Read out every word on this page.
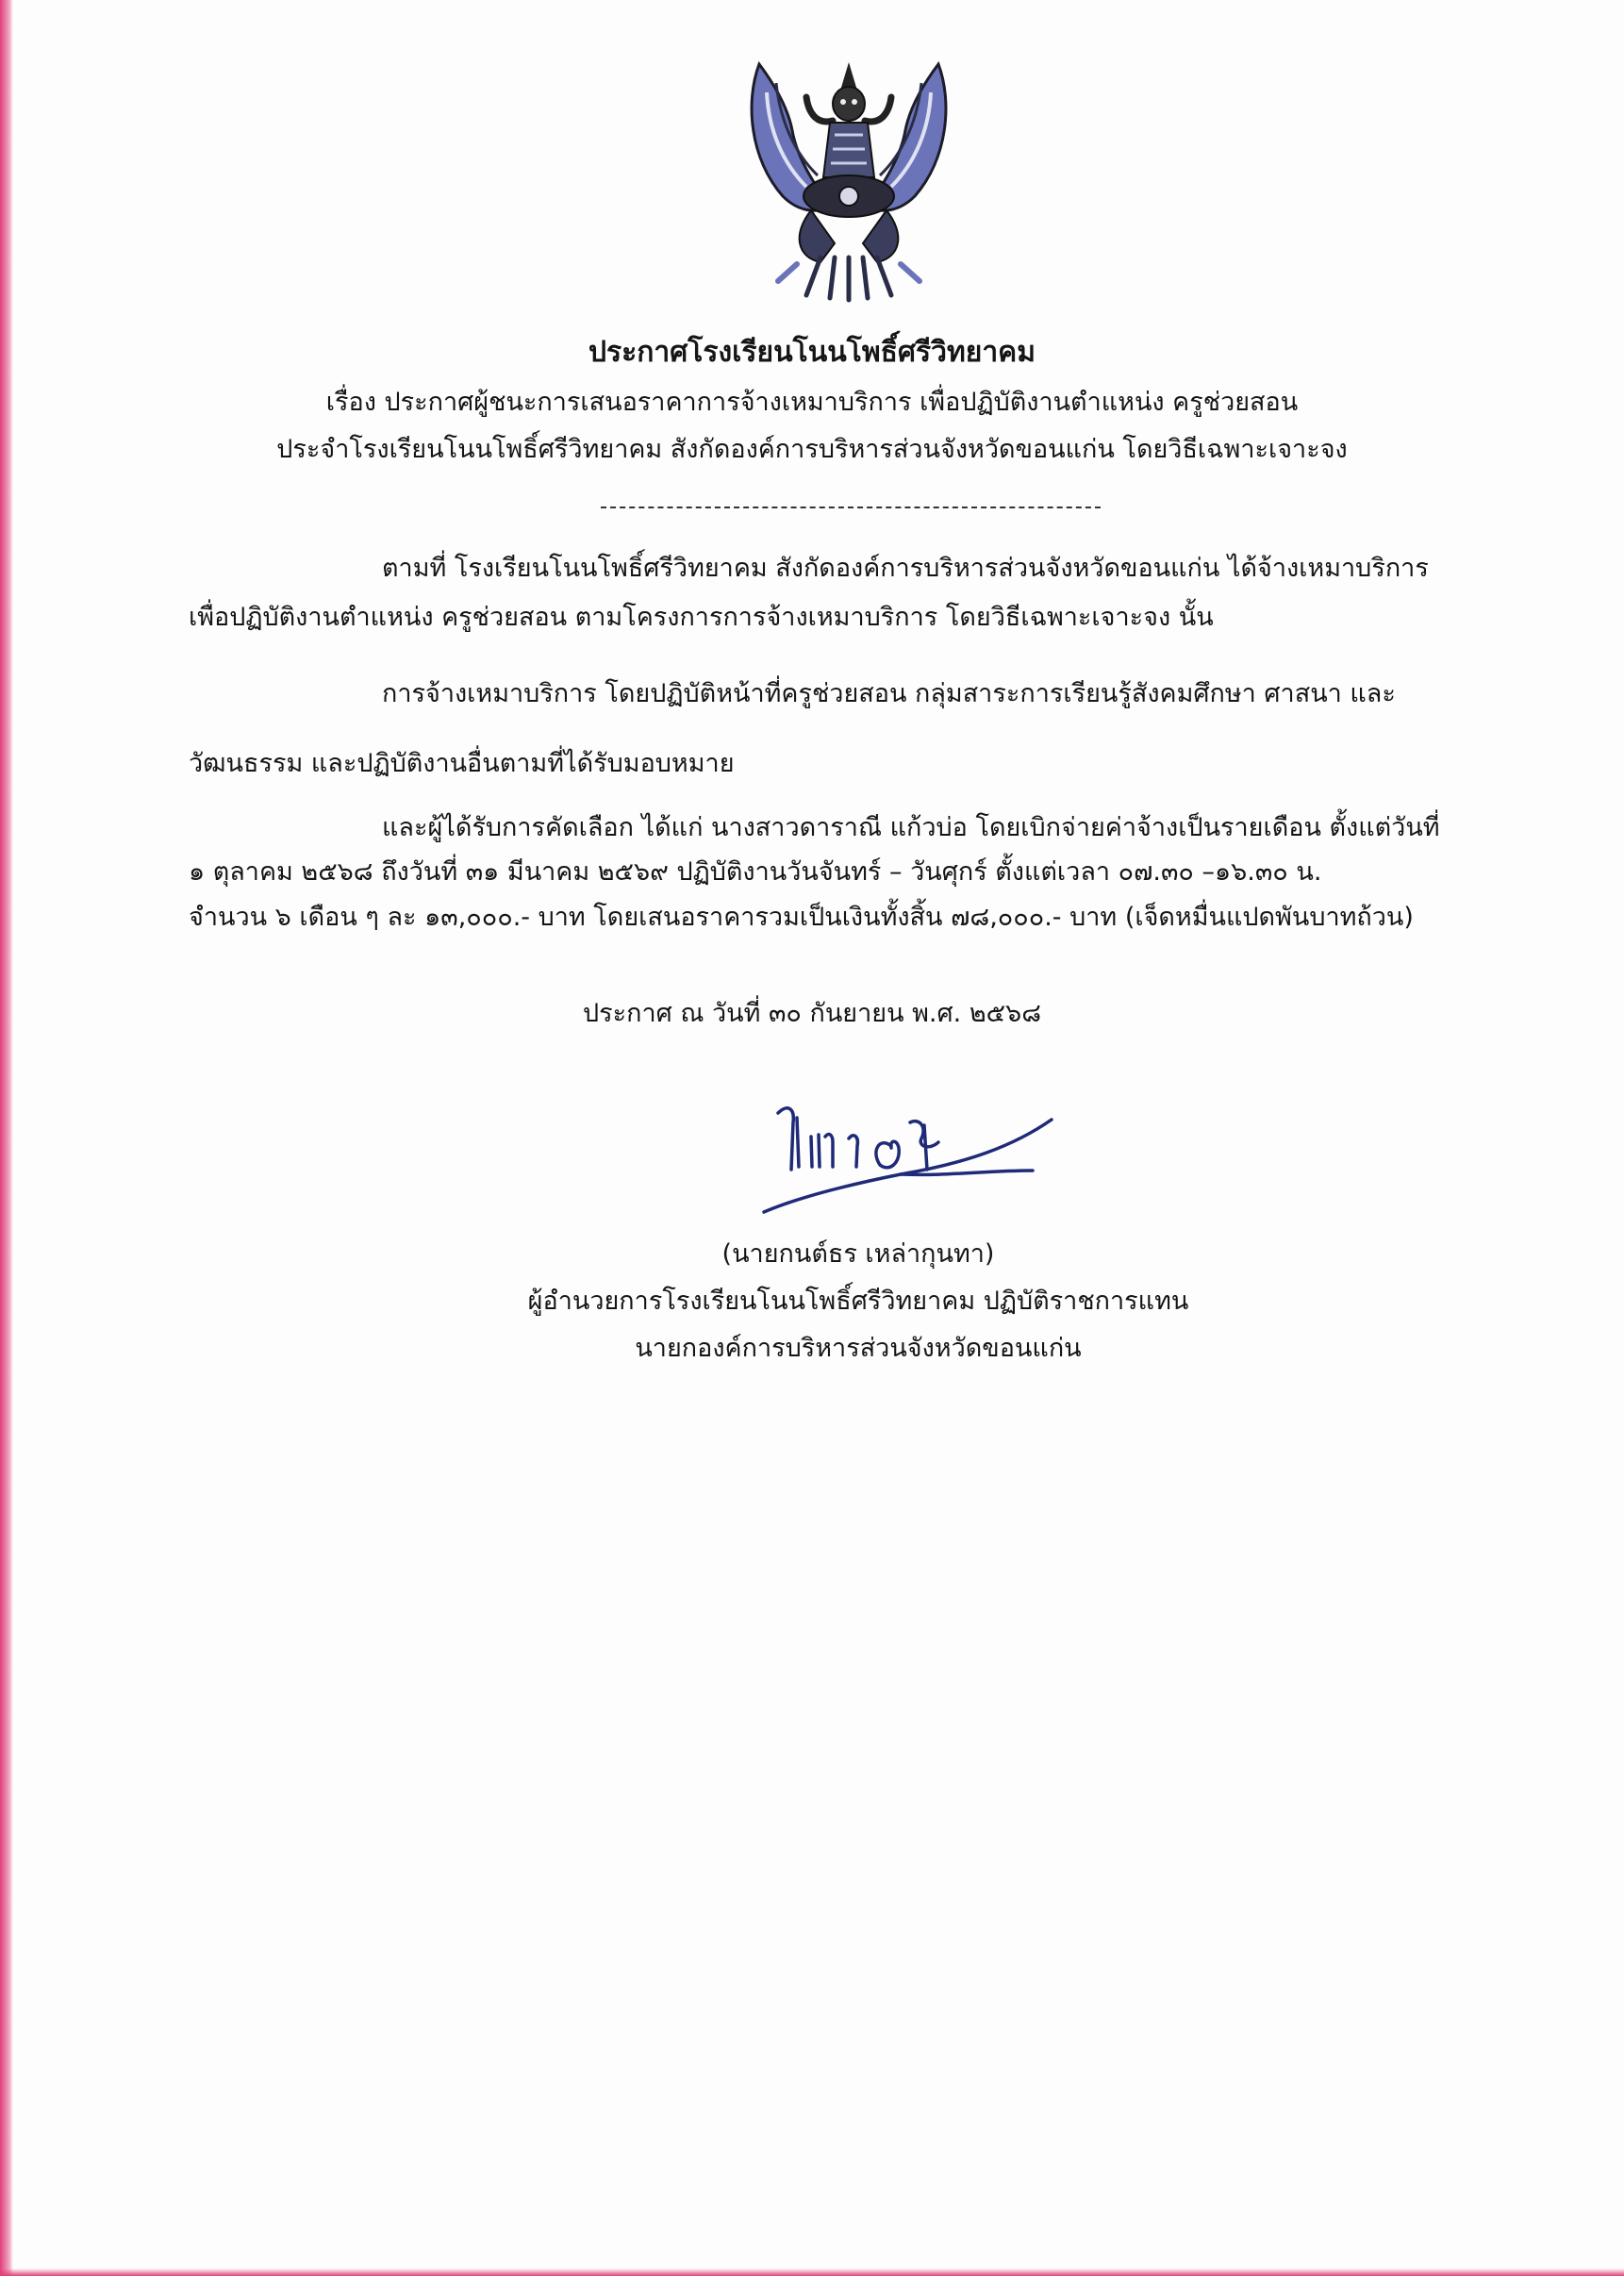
ประกาศโรงเรียนโนนโพธิ์ศรีวิทยาคม
เรื่อง ประกาศผู้ชนะการเสนอราคาการจ้างเหมาบริการ เพื่อปฏิบัติงานตำแหน่ง ครูช่วยสอน
ประจำโรงเรียนโนนโพธิ์ศรีวิทยาคม สังกัดองค์การบริหารส่วนจังหวัดขอนแก่น โดยวิธีเฉพาะเจาะจง
ตามที่ โรงเรียนโนนโพธิ์ศรีวิทยาคม สังกัดองค์การบริหารส่วนจังหวัดขอนแก่น ได้จ้างเหมาบริการ
เพื่อปฏิบัติงานตำแหน่ง ครูช่วยสอน ตามโครงการการจ้างเหมาบริการ โดยวิธีเฉพาะเจาะจง นั้น
การจ้างเหมาบริการ โดยปฏิบัติหน้าที่ครูช่วยสอน กลุ่มสาระการเรียนรู้สังคมศึกษา ศาสนา และ
วัฒนธรรม และปฏิบัติงานอื่นตามที่ได้รับมอบหมาย
และผู้ได้รับการคัดเลือก ได้แก่ นางสาวดาราณี แก้วบ่อ โดยเบิกจ่ายค่าจ้างเป็นรายเดือน ตั้งแต่วันที่
๑ ตุลาคม ๒๕๖๘ ถึงวันที่ ๓๑ มีนาคม ๒๕๖๙ ปฏิบัติงานวันจันทร์ – วันศุกร์ ตั้งแต่เวลา ๐๗.๓๐ –๑๖.๓๐ น.
จำนวน ๖ เดือน ๆ ละ ๑๓,๐๐๐.- บาท โดยเสนอราคารวมเป็นเงินทั้งสิ้น ๗๘,๐๐๐.- บาท (เจ็ดหมื่นแปดพันบาทถ้วน)
ประกาศ ณ วันที่ ๓๐ กันยายน พ.ศ. ๒๕๖๘
(นายกนต์ธร เหล่ากุนทา)
ผู้อำนวยการโรงเรียนโนนโพธิ์ศรีวิทยาคม ปฏิบัติราชการแทน
นายกองค์การบริหารส่วนจังหวัดขอนแก่น
